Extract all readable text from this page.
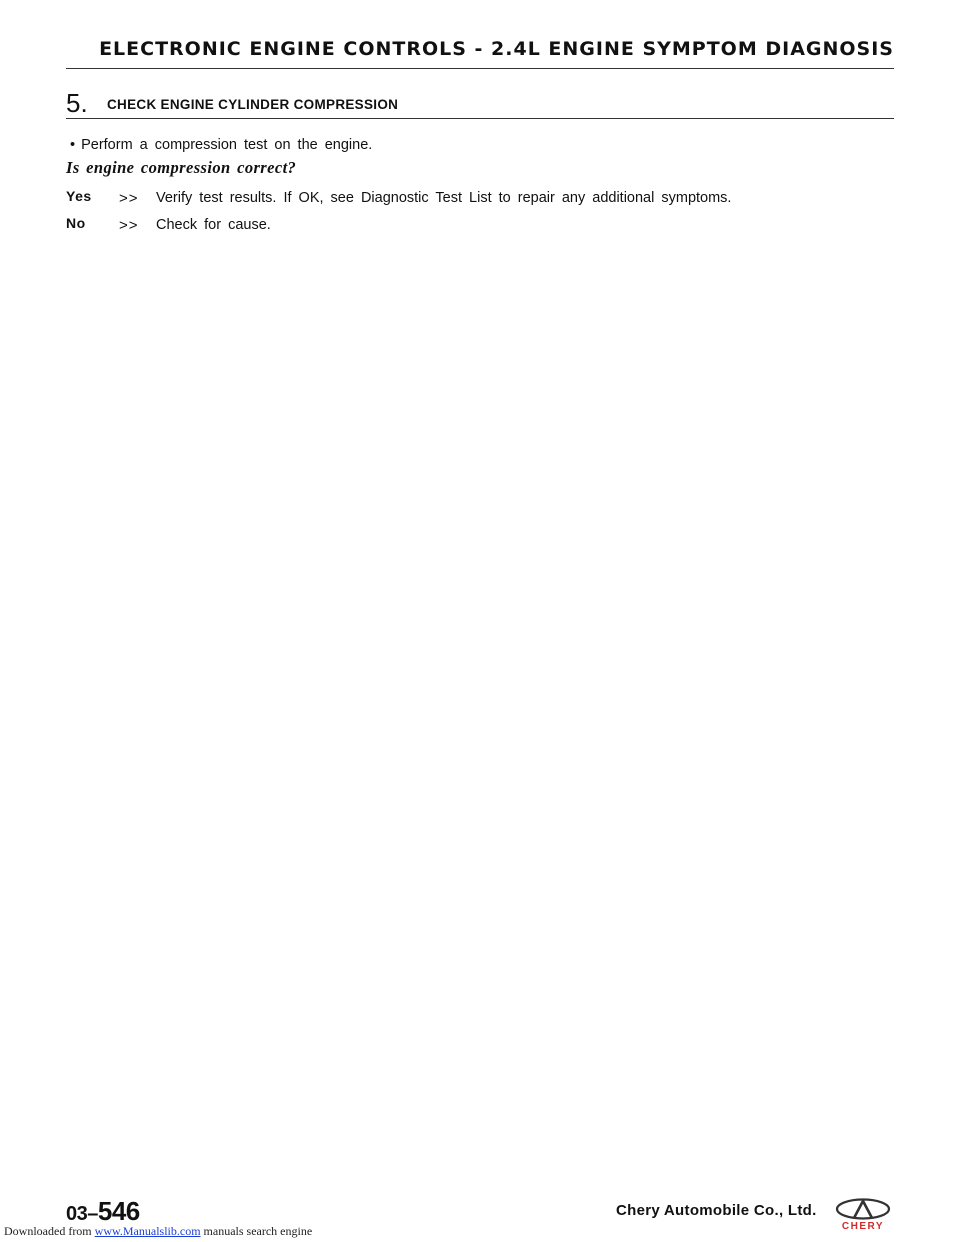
ELECTRONIC ENGINE CONTROLS - 2.4L ENGINE SYMPTOM DIAGNOSIS
5. CHECK ENGINE CYLINDER COMPRESSION
• Perform a compression test on the engine.
Is engine compression correct?
Yes >> Verify test results. If OK, see Diagnostic Test List to repair any additional symptoms.
No >> Check for cause.
03–546	Chery Automobile Co., Ltd.
CHERY
Downloaded from www.Manualslib.com manuals search engine
